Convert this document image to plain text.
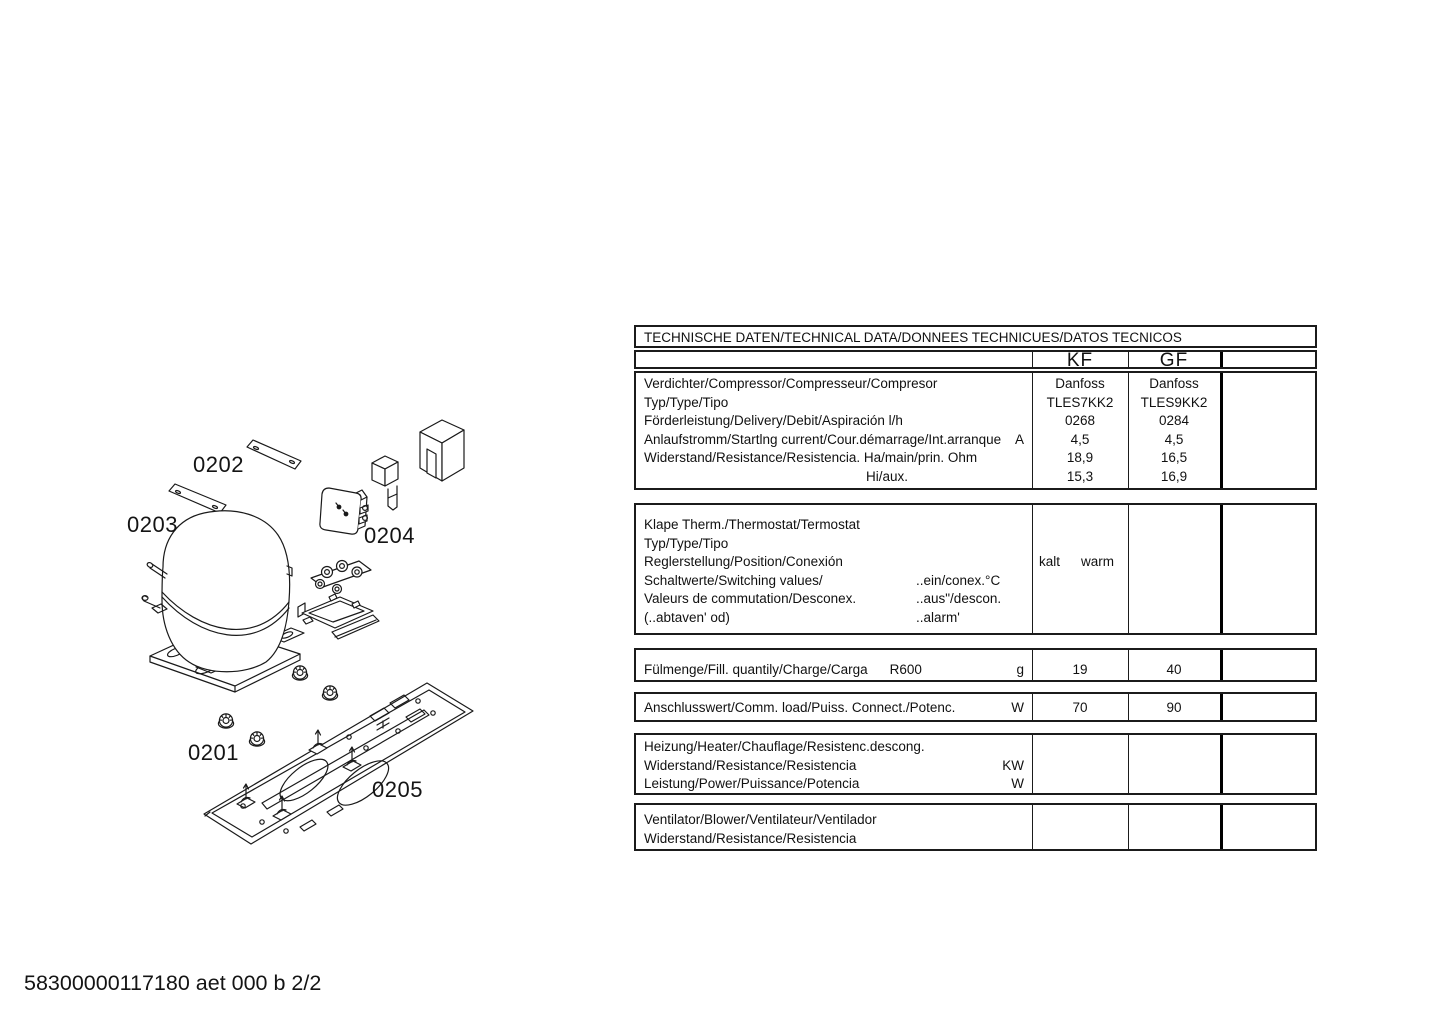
0202
0203	0204
0201
0205
TECHNISCHE DATEN/TECHNICAL DATA/DONNEES TECHNICUES/DATOS TECNICOS
KF	GF
Verdichter/Compressor/Compresseur/Compresor	Danfoss	Danfoss
Typ/Type/Tipo	TLES7KK2	TLES9KK2
Förderleistung/Delivery/Debit/Aspiración l/h	0268	0284
Anlaufstromm/Startlng current/Cour.démarrage/Int.arranque	A	4,5	4,5
Widerstand/Resistance/Resistencia. Ha/main/prin. Ohm	18,9	16,5
Hi/aux.	15,3	16,9
Klape Therm./Thermostat/Termostat
Typ/Type/Tipo
Reglerstellung/Position/Conexión	kalt warm
Schaltwerte/Switching values/	..ein/conex.°C
Valeurs de commutation/Desconex.	..aus"/descon.
(..abtaven' od)	..alarm'
Fülmenge/Fill. quantily/Charge/Carga R600	g	19	40
Anschlusswert/Comm. load/Puiss. Connect./Potenc.	W	70	90
Heizung/Heater/Chauflage/Resistenc.descong.
Widerstand/Resistance/Resistencia	KW
Leistung/Power/Puissance/Potencia	W
Ventilator/Blower/Ventilateur/Ventilador
Widerstand/Resistance/Resistencia
58300000117180 aet 000 b 2/2
